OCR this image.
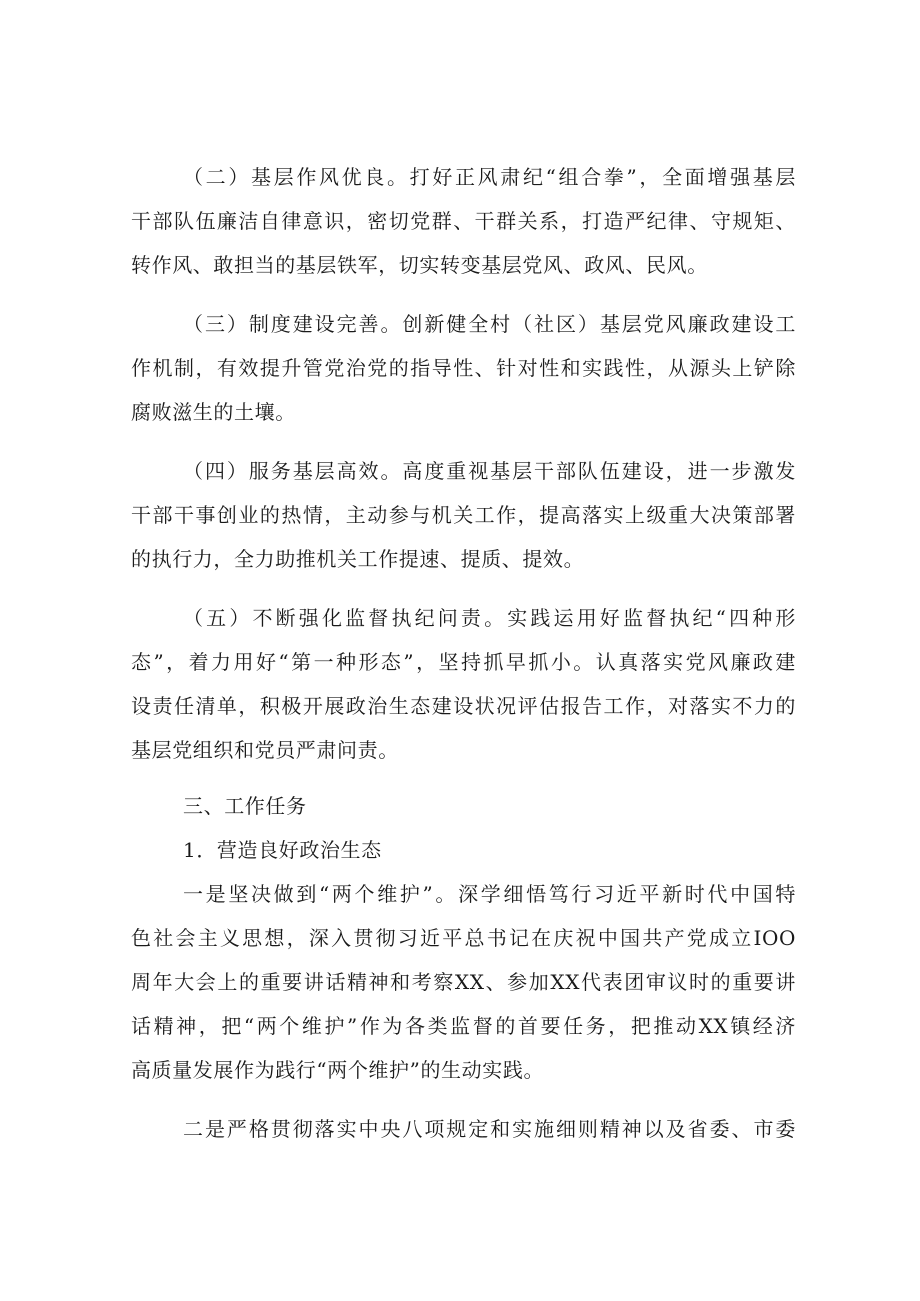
（二）基层作风优良。打好正风肃纪“组合拳”，全面增强基层
干部队伍廉洁自律意识，密切党群、干群关系，打造严纪律、守规矩、
转作风、敢担当的基层铁军，切实转变基层党风、政风、民风。
（三）制度建设完善。创新健全村（社区）基层党风廉政建设工
作机制，有效提升管党治党的指导性、针对性和实践性，从源头上铲除
腐败滋生的土壤。
（四）服务基层高效。高度重视基层干部队伍建设，进一步激发
干部干事创业的热情，主动参与机关工作，提高落实上级重大决策部署
的执行力，全力助推机关工作提速、提质、提效。
（五）不断强化监督执纪问责。实践运用好监督执纪“四种形
态”，着力用好“第一种形态”，坚持抓早抓小。认真落实党风廉政建
设责任清单，积极开展政治生态建设状况评估报告工作，对落实不力的
基层党组织和党员严肃问责。
三、工作任务
1．营造良好政治生态
一是坚决做到“两个维护”。深学细悟笃行习近平新时代中国特
色社会主义思想，深入贯彻习近平总书记在庆祝中国共产党成立IOO
周年大会上的重要讲话精神和考察XX、参加XX代表团审议时的重要讲
话精神，把“两个维护”作为各类监督的首要任务，把推动XX镇经济
高质量发展作为践行“两个维护”的生动实践。
二是严格贯彻落实中央八项规定和实施细则精神以及省委、市委
